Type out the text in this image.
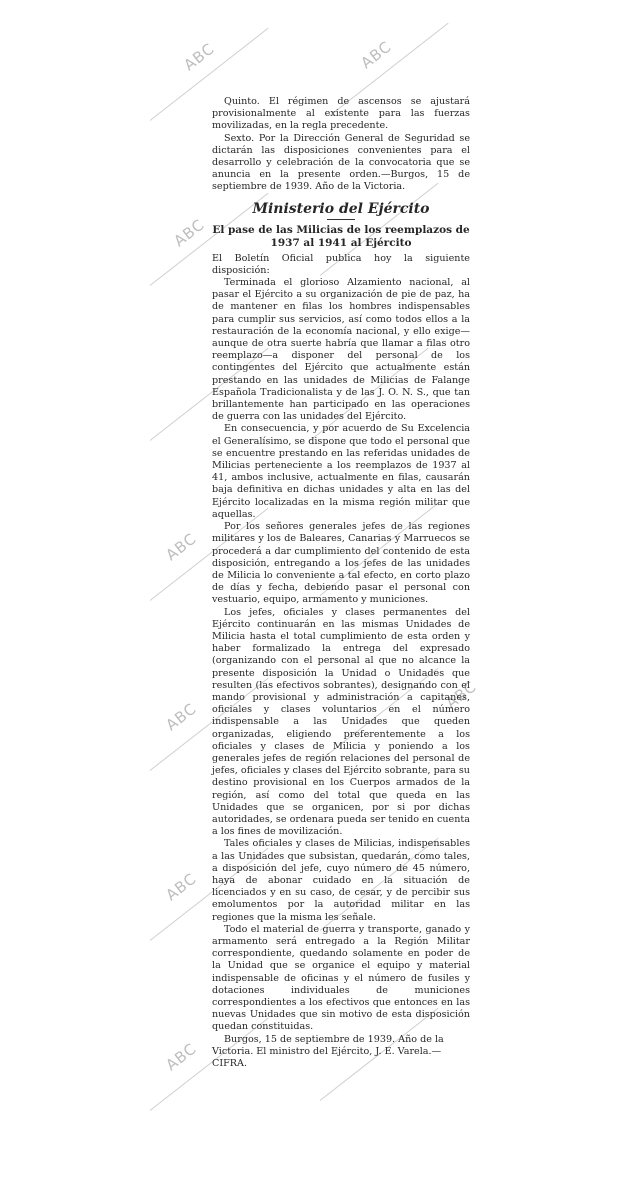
ABC	ABC
ABC
ABC
ABC
ABC
ABC
ABC

Quinto. El régimen de ascensos se ajustará provisionalmente al existente para las fuerzas movilizadas, en la regla precedente.

Sexto. Por la Dirección General de Seguridad se dictarán las disposiciones convenientes para el desarrollo y celebración de la convocatoria que se anuncia en la presente orden.—Burgos, 15 de septiembre de 1939. Año de la Victoria.

Ministerio del Ejército
El pase de las Milicias de los reemplazos de 1937 al 1941 al Ejército

El Boletín Oficial publica hoy la siguiente disposición:

Terminada el glorioso Alzamiento nacional, al pasar el Ejército a su organización de pie de paz, ha de mantener en filas los hombres indispensables para cumplir sus servicios, así como todos ellos a la restauración de la economía nacional, y ello exige—aunque de otra suerte habría que llamar a filas otro reemplazo—a disponer del personal de los contingentes del Ejército que actualmente están prestando en las unidades de Milicias de Falange Española Tradicionalista y de las J. O. N. S., que tan brillantemente han participado en las operaciones de guerra con las unidades del Ejército.

En consecuencia, y por acuerdo de Su Excelencia el Generalísimo, se dispone que todo el personal que se encuentre prestando en las referidas unidades de Milicias perteneciente a los reemplazos de 1937 al 41, ambos inclusive, actualmente en filas, causarán baja definitiva en dichas unidades y alta en las del Ejército localizadas en la misma región militar que aquellas.

Por los señores generales jefes de las regiones militares y los de Baleares, Canarias y Marruecos se procederá a dar cumplimiento del contenido de esta disposición, entregando a los jefes de las unidades de Milicia lo conveniente a tal efecto, en corto plazo de días y fecha, debiendo pasar el personal con vestuario, equipo, armamento y municiones.

Los jefes, oficiales y clases permanentes del Ejército continuarán en las mismas Unidades de Milicia hasta el total cumplimiento de esta orden y haber formalizado la entrega del expresado (organizando con el personal al que no alcance la presente disposición la Unidad o Unidades que resulten (las efectivos sobrantes), designando con el mando provisional y administración a capitanes, oficiales y clases voluntarios en el número indispensable a las Unidades que queden organizadas, eligiendo preferentemente a los oficiales y clases de Milicia y poniendo a los generales jefes de región relaciones del personal de jefes, oficiales y clases del Ejército sobrante, para su destino provisional en los Cuerpos armados de la región, así como del total que queda en las Unidades que se organicen, por si por dichas autoridades, se ordenara pueda ser tenido en cuenta a los fines de movilización.

Tales oficiales y clases de Milicias, indispensables a las Unidades que subsistan, quedarán, como tales, a disposición del jefe, cuyo número de 45 número, haya de abonar cuidado en la situación de licenciados y en su caso, de cesar, y de percibir sus emolumentos por la autoridad militar en las regiones que la misma les señale.

Todo el material de guerra y transporte, ganado y armamento será entregado a la Región Militar correspondiente, quedando solamente en poder de la Unidad que se organice el equipo y material indispensable de oficinas y el número de fusiles y dotaciones individuales de municiones correspondientes a los efectivos que entonces en las nuevas Unidades que sin motivo de esta disposición quedan constituidas.

Burgos, 15 de septiembre de 1939. Año de la Victoria. El ministro del Ejército, J. E. Varela.—CIFRA.
